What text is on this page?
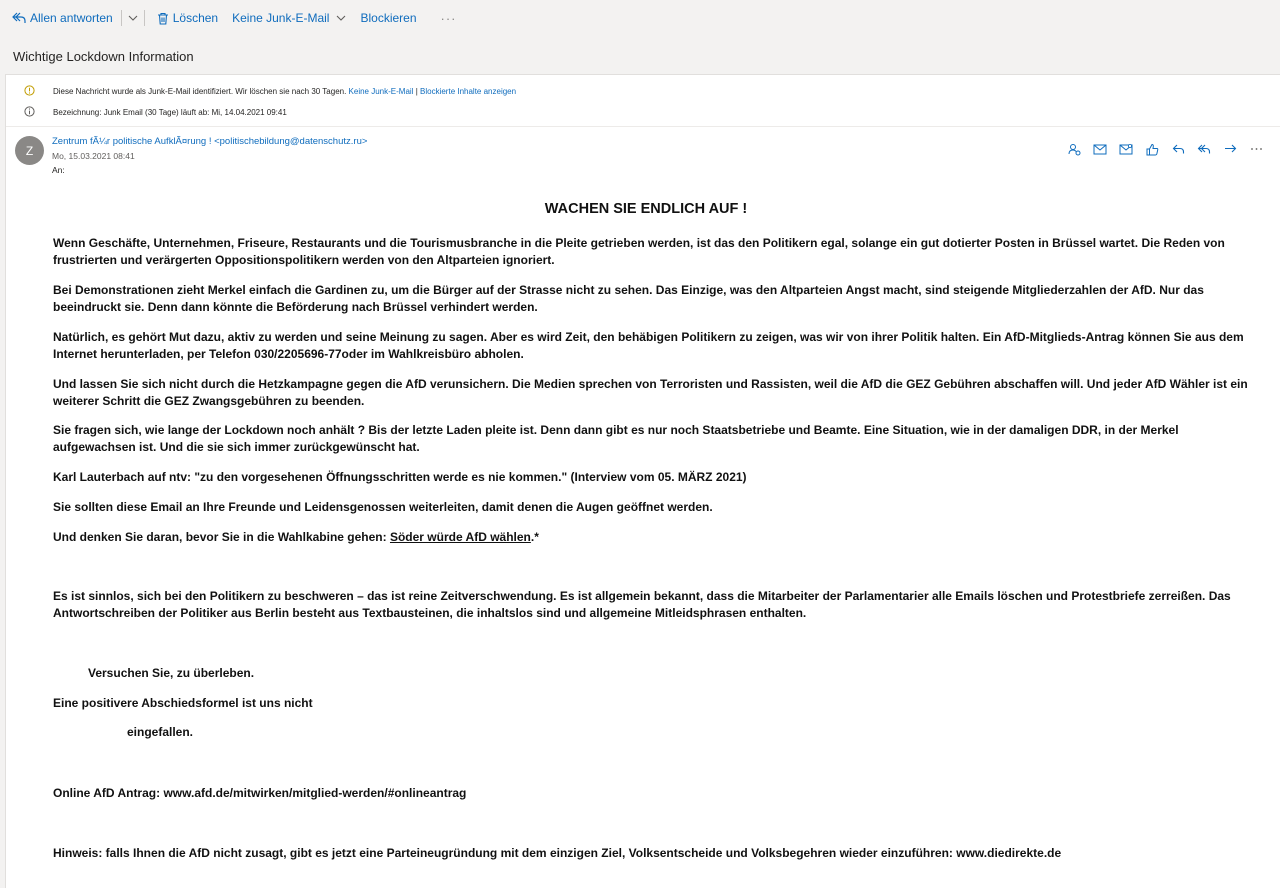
Allen antworten	Löschen Keine Junk-E-Mail	Blockieren ···
Wichtige Lockdown Information
Diese Nachricht wurde als Junk-E-Mail identifiziert. Wir löschen sie nach 30 Tagen. Keine Junk-E-Mail | Blockierte Inhalte anzeigen
Bezeichnung: Junk Email (30 Tage) läuft ab: Mi, 14.04.2021 09:41
Z
Zentrum fÃ¼r politische AufklÃ¤rung ! <politischebildung@datenschutz.ru>
Mo, 15.03.2021 08:41
An:
WACHEN SIE ENDLICH AUF !

Wenn Geschäfte, Unternehmen, Friseure, Restaurants und die Tourismusbranche in die Pleite getrieben werden, ist das den Politikern egal, solange ein gut dotierter Posten in Brüssel wartet. Die Reden von frustrierten und verärgerten Oppositionspolitikern werden von den Altparteien ignoriert.

Bei Demonstrationen zieht Merkel einfach die Gardinen zu, um die Bürger auf der Strasse nicht zu sehen. Das Einzige, was den Altparteien Angst macht, sind steigende Mitgliederzahlen der AfD. Nur das beeindruckt sie. Denn dann könnte die Beförderung nach Brüssel verhindert werden.

Natürlich, es gehört Mut dazu, aktiv zu werden und seine Meinung zu sagen. Aber es wird Zeit, den behäbigen Politikern zu zeigen, was wir von ihrer Politik halten. Ein AfD-Mitglieds-Antrag können Sie aus dem Internet herunterladen, per Telefon 030/2205696-77oder im Wahlkreisbüro abholen.

Und lassen Sie sich nicht durch die Hetzkampagne gegen die AfD verunsichern. Die Medien sprechen von Terroristen und Rassisten, weil die AfD die GEZ Gebühren abschaffen will. Und jeder AfD Wähler ist ein weiterer Schritt die GEZ Zwangsgebühren zu beenden.

Sie fragen sich, wie lange der Lockdown noch anhält ? Bis der letzte Laden pleite ist. Denn dann gibt es nur noch Staatsbetriebe und Beamte. Eine Situation, wie in der damaligen DDR, in der Merkel aufgewachsen ist. Und die sie sich immer zurückgewünscht hat.

Karl Lauterbach auf ntv: "zu den vorgesehenen Öffnungsschritten werde es nie kommen." (Interview vom 05. MÄRZ 2021)

Sie sollten diese Email an Ihre Freunde und Leidensgenossen weiterleiten, damit denen die Augen geöffnet werden.

Und denken Sie daran, bevor Sie in die Wahlkabine gehen: Söder würde AfD wählen.*

Es ist sinnlos, sich bei den Politikern zu beschweren – das ist reine Zeitverschwendung. Es ist allgemein bekannt, dass die Mitarbeiter der Parlamentarier alle Emails löschen und Protestbriefe zerreißen. Das Antwortschreiben der Politiker aus Berlin besteht aus Textbausteinen, die inhaltslos sind und allgemeine Mitleidsphrasen enthalten.

Versuchen Sie, zu überleben.

Eine positivere Abschiedsformel ist uns nicht

eingefallen.

Online AfD Antrag: www.afd.de/mitwirken/mitglied-werden/#onlineantrag

Hinweis: falls Ihnen die AfD nicht zusagt, gibt es jetzt eine Parteineugründung mit dem einzigen Ziel, Volksentscheide und Volksbegehren wieder einzuführen: www.diedirekte.de
